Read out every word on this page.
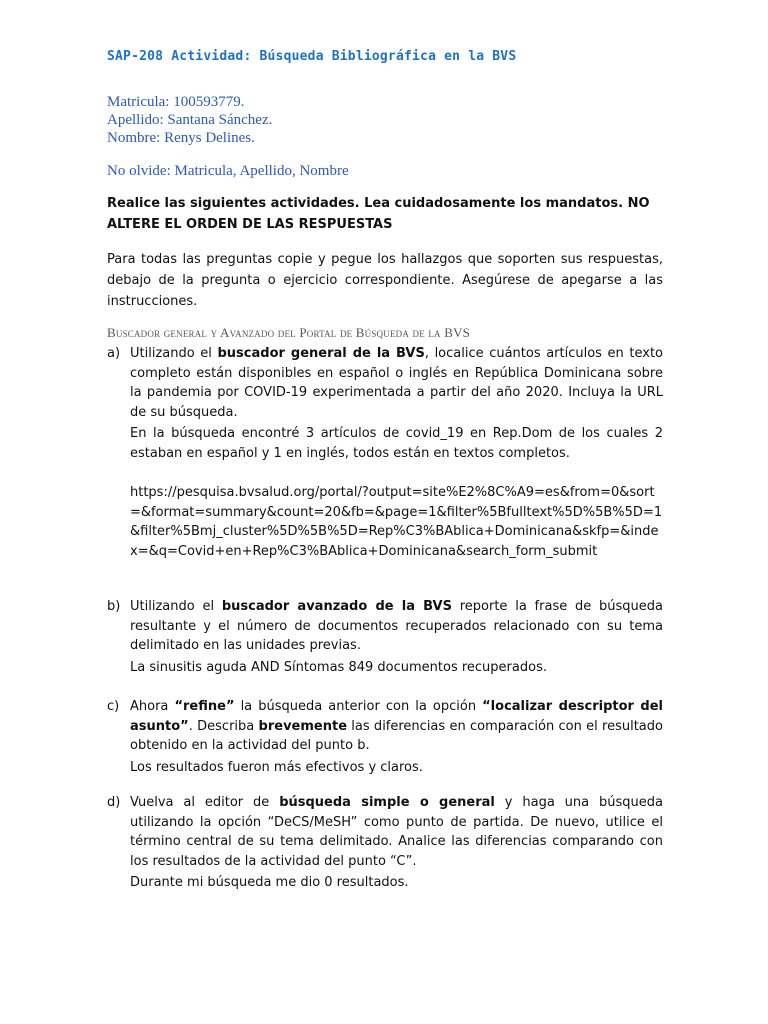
SAP-208 Actividad: Búsqueda Bibliográfica en la BVS
Matricula: 100593779.
Apellido: Santana Sánchez.
Nombre: Renys Delines.
No olvide: Matricula, Apellido, Nombre
Realice las siguientes actividades. Lea cuidadosamente los mandatos. NO ALTERE EL ORDEN DE LAS RESPUESTAS
Para todas las preguntas copie y pegue los hallazgos que soporten sus respuestas, debajo de la pregunta o ejercicio correspondiente. Asegúrese de apegarse a las instrucciones.
Buscador general y Avanzado del Portal de Búsqueda de la BVS
a) Utilizando el buscador general de la BVS, localice cuántos artículos en texto completo están disponibles en español o inglés en República Dominicana sobre la pandemia por COVID-19 experimentada a partir del año 2020. Incluya la URL de su búsqueda.
En la búsqueda encontré 3 artículos de covid_19 en Rep.Dom de los cuales 2 estaban en español y 1 en inglés, todos están en textos completos.
https://pesquisa.bvsalud.org/portal/?output=site%E2%8C%A9=es&from=0&sort=&format=summary&count=20&fb=&page=1&filter%5Bfulltext%5D%5B%5D=1&filter%5Bmj_cluster%5D%5B%5D=Rep%C3%BAblica+Dominicana&skfp=&index=&q=Covid+en+Rep%C3%BAblica+Dominicana&search_form_submit
b) Utilizando el buscador avanzado de la BVS reporte la frase de búsqueda resultante y el número de documentos recuperados relacionado con su tema delimitado en las unidades previas.
La sinusitis aguda AND Síntomas 849 documentos recuperados.
c) Ahora “refine” la búsqueda anterior con la opción “localizar descriptor del asunto”. Describa brevemente las diferencias en comparación con el resultado obtenido en la actividad del punto b.
Los resultados fueron más efectivos y claros.
d) Vuelva al editor de búsqueda simple o general y haga una búsqueda utilizando la opción “DeCS/MeSH” como punto de partida. De nuevo, utilice el término central de su tema delimitado. Analice las diferencias comparando con los resultados de la actividad del punto “C”.
Durante mi búsqueda me dio 0 resultados.
